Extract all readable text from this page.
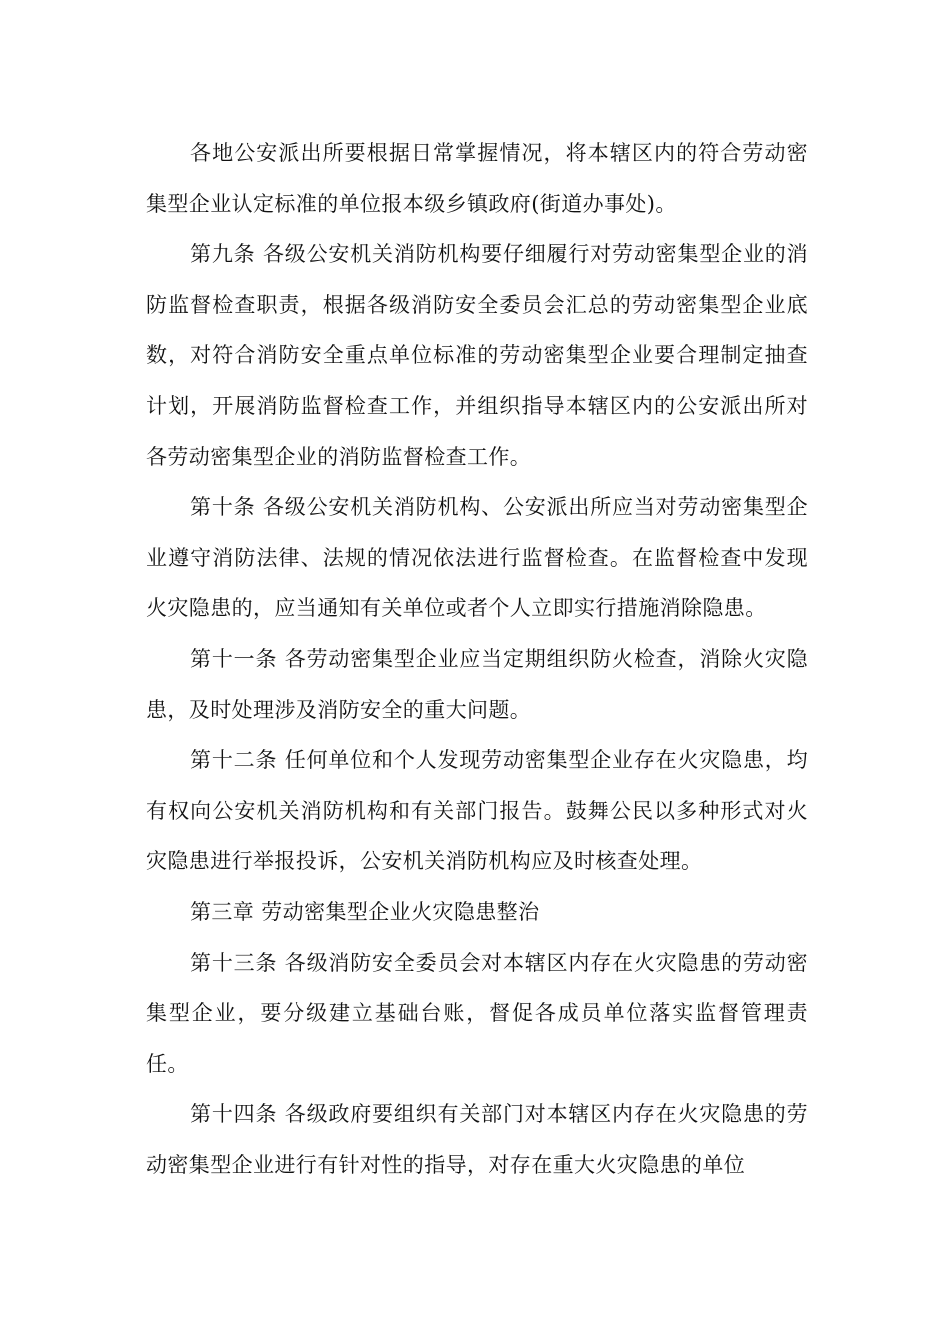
各地公安派出所要根据日常掌握情况，将本辖区内的符合劳动密集型企业认定标准的单位报本级乡镇政府(街道办事处)。

第九条 各级公安机关消防机构要仔细履行对劳动密集型企业的消防监督检查职责，根据各级消防安全委员会汇总的劳动密集型企业底数，对符合消防安全重点单位标准的劳动密集型企业要合理制定抽查计划，开展消防监督检查工作，并组织指导本辖区内的公安派出所对各劳动密集型企业的消防监督检查工作。

第十条 各级公安机关消防机构、公安派出所应当对劳动密集型企业遵守消防法律、法规的情况依法进行监督检查。在监督检查中发现火灾隐患的，应当通知有关单位或者个人立即实行措施消除隐患。

第十一条 各劳动密集型企业应当定期组织防火检查，消除火灾隐患，及时处理涉及消防安全的重大问题。

第十二条 任何单位和个人发现劳动密集型企业存在火灾隐患，均有权向公安机关消防机构和有关部门报告。鼓舞公民以多种形式对火灾隐患进行举报投诉，公安机关消防机构应及时核查处理。

第三章 劳动密集型企业火灾隐患整治

第十三条 各级消防安全委员会对本辖区内存在火灾隐患的劳动密集型企业，要分级建立基础台账，督促各成员单位落实监督管理责任。

第十四条 各级政府要组织有关部门对本辖区内存在火灾隐患的劳动密集型企业进行有针对性的指导，对存在重大火灾隐患的单位
